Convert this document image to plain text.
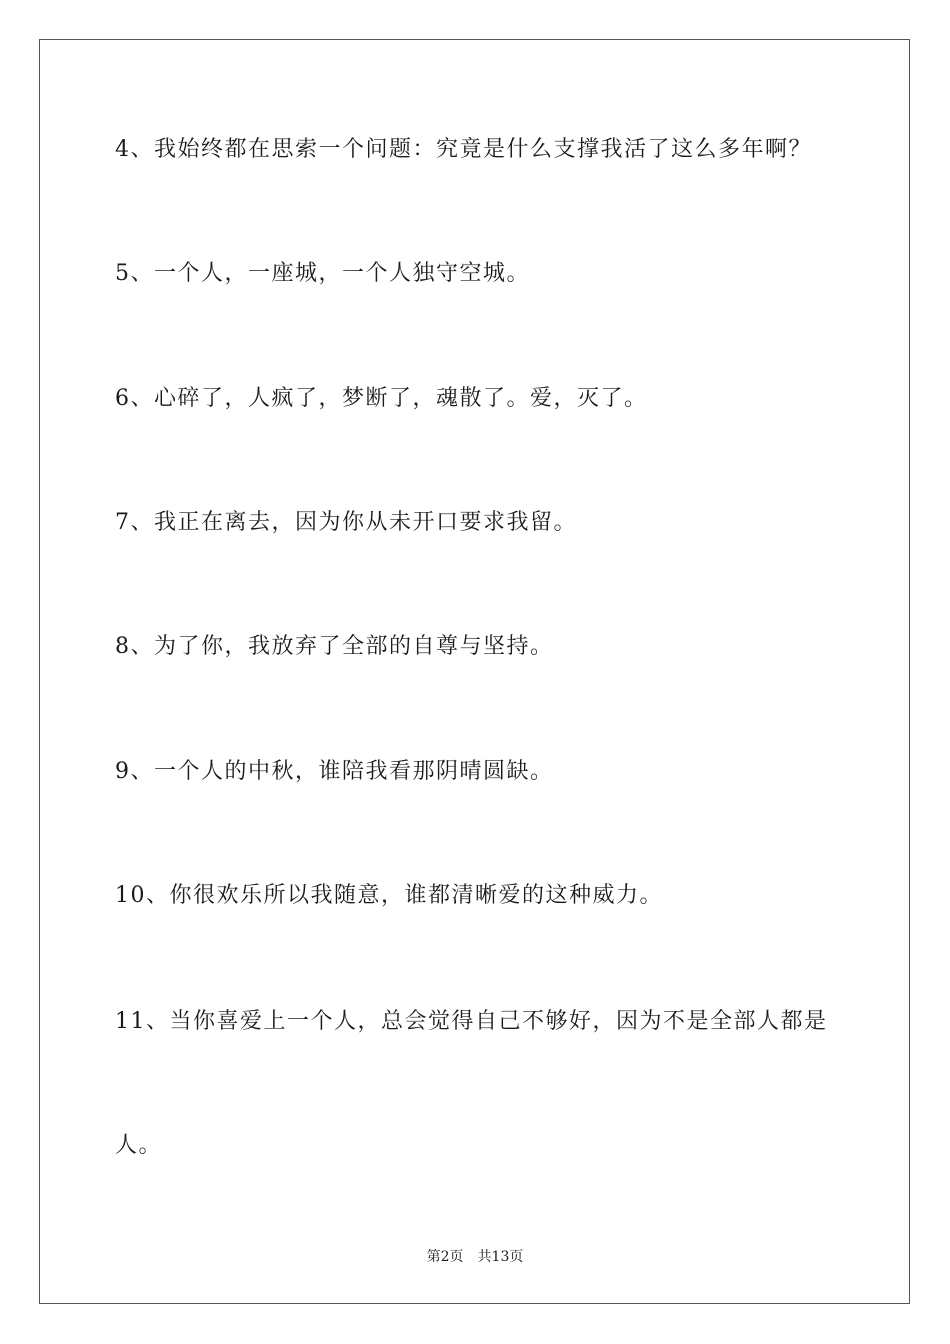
4、我始终都在思索一个问题：究竟是什么支撑我活了这么多年啊？
5、一个人，一座城，一个人独守空城。
6、心碎了，人疯了，梦断了，魂散了。爱，灭了。
7、我正在离去，因为你从未开口要求我留。
8、为了你，我放弃了全部的自尊与坚持。
9、一个人的中秋，谁陪我看那阴晴圆缺。
10、你很欢乐所以我随意，谁都清晰爱的这种威力。
11、当你喜爱上一个人，总会觉得自己不够好，因为不是全部人都是
人。
第2页 共13页
